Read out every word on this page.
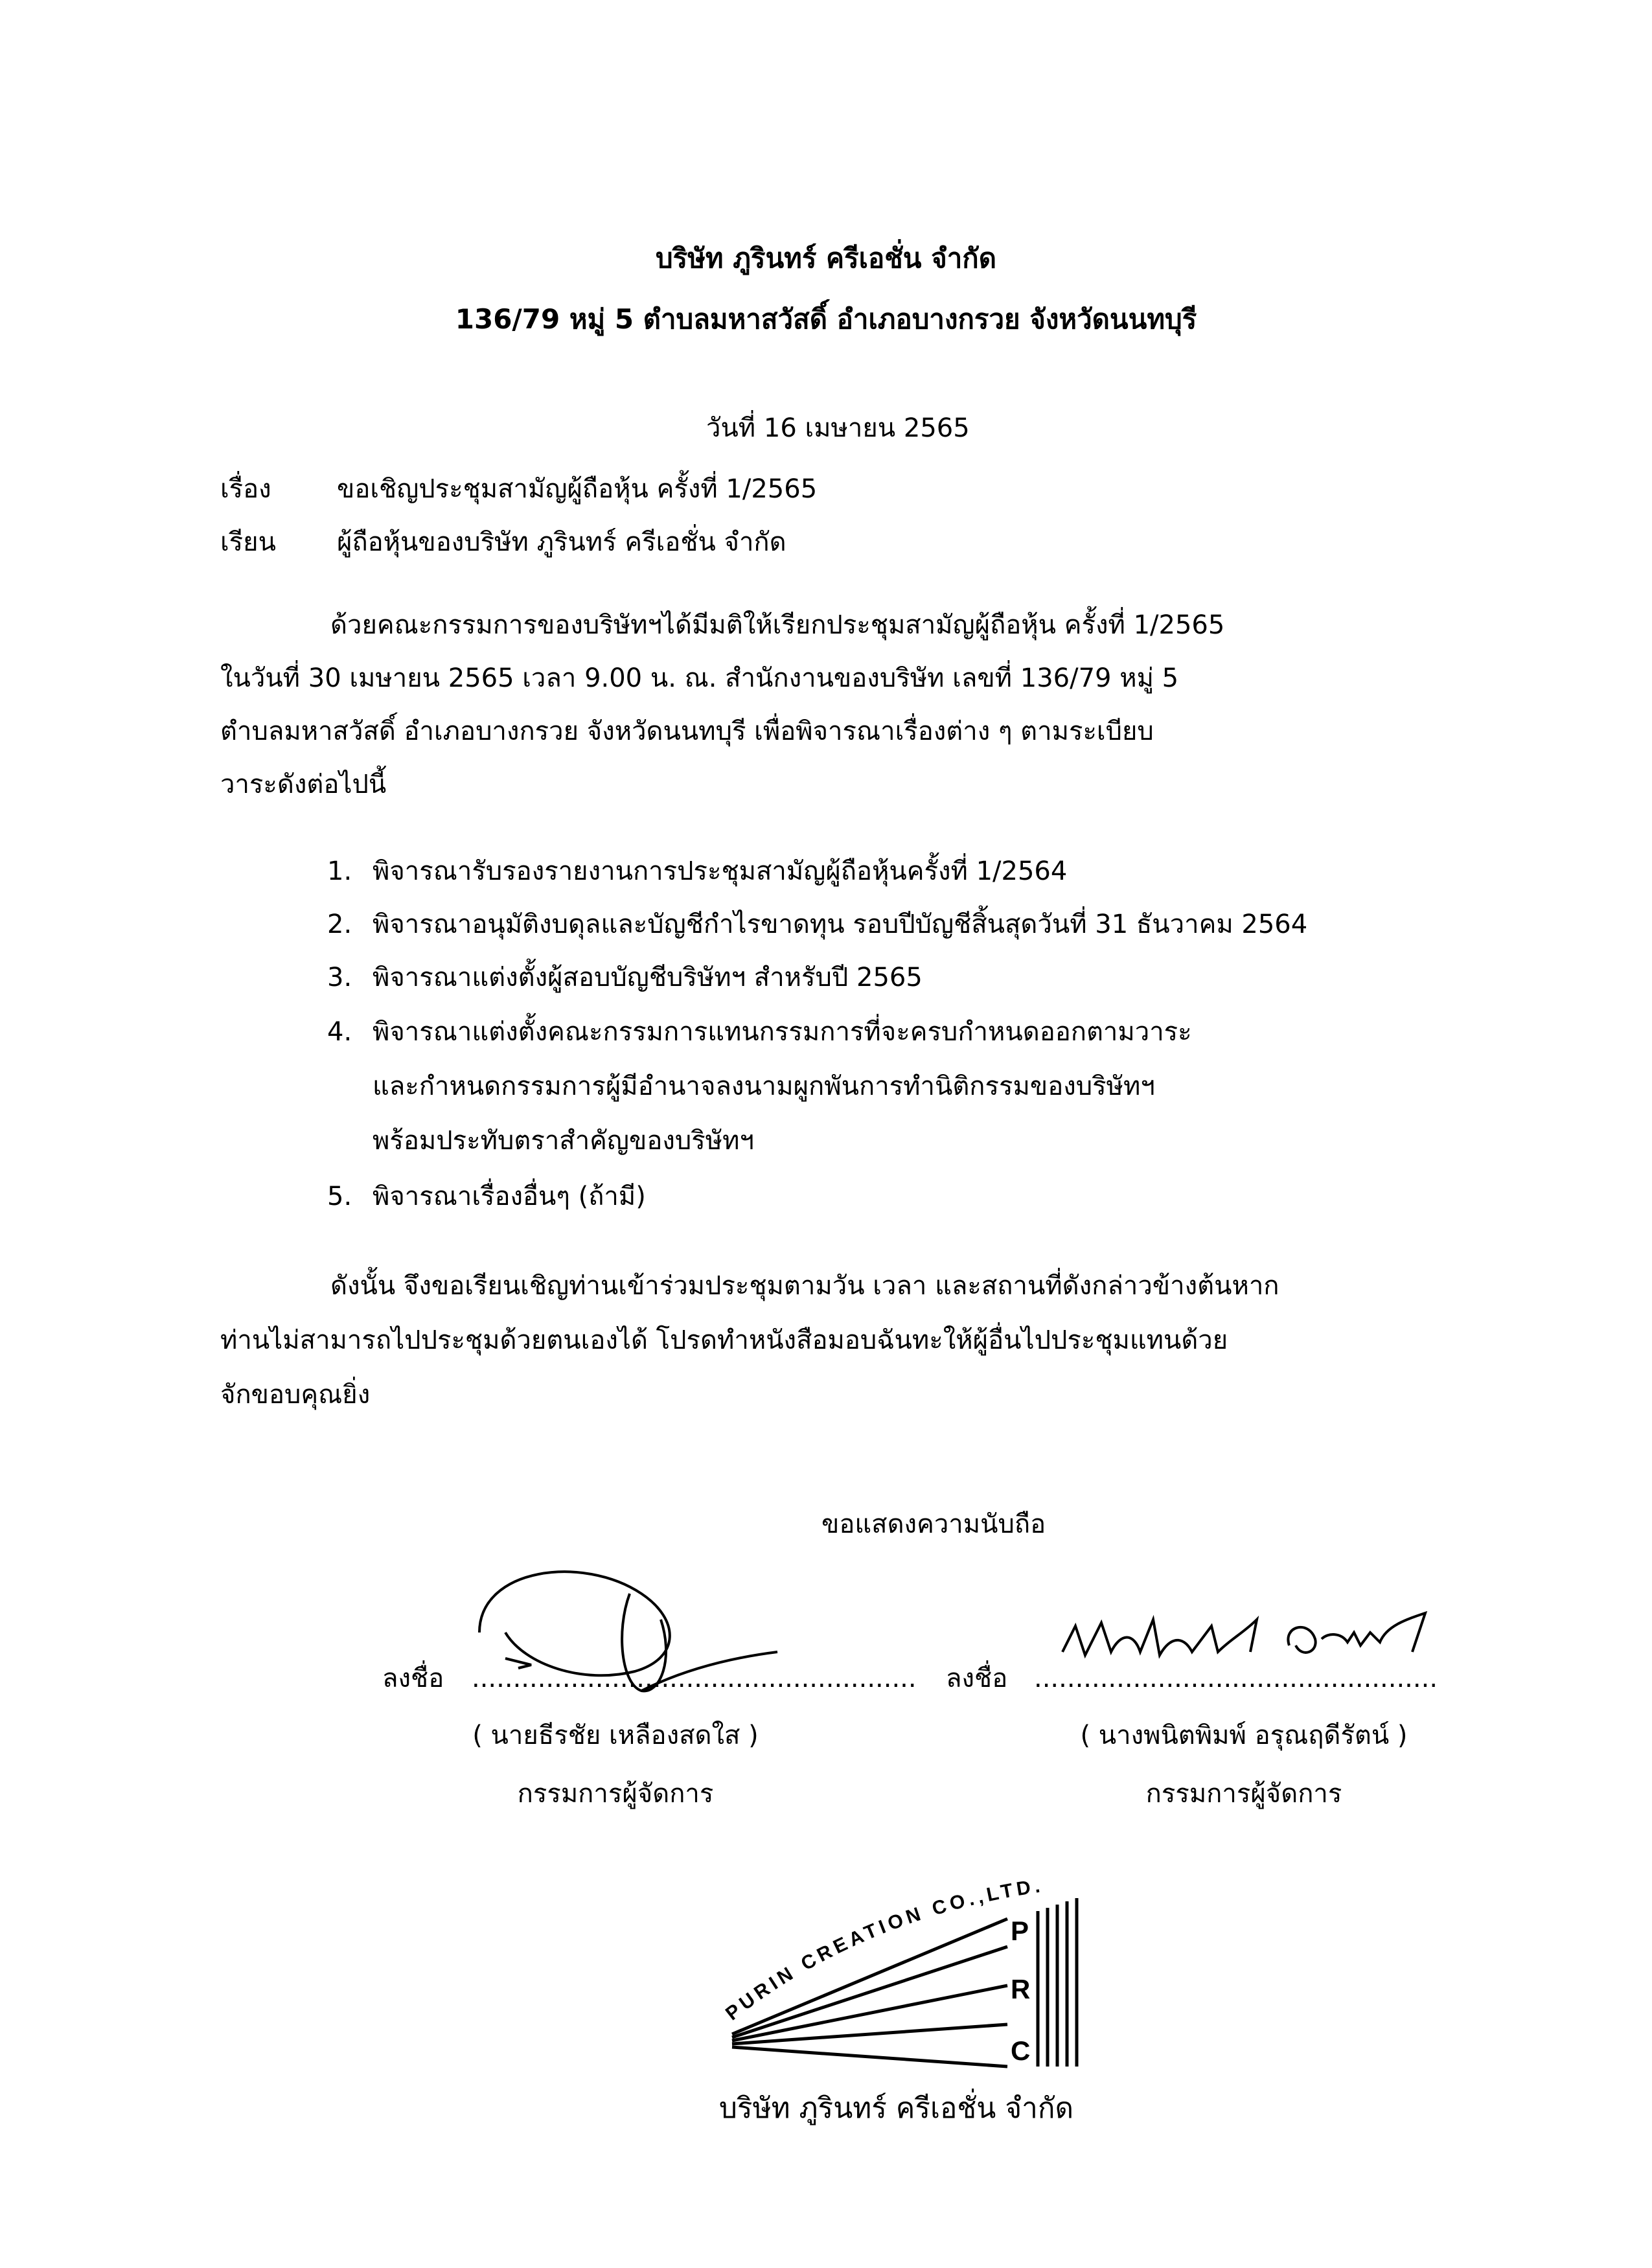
บริษัท ภูรินทร์ ครีเอชั่น จำกัด
136/79 หมู่ 5 ตำบลมหาสวัสดิ์ อำเภอบางกรวย จังหวัดนนทบุรี
วันที่ 16 เมษายน 2565
เรื่อง	ขอเชิญประชุมสามัญผู้ถือหุ้น ครั้งที่ 1/2565
เรียน ผู้ถือหุ้นของบริษัท ภูรินทร์ ครีเอชั่น จำกัด
ด้วยคณะกรรมการของบริษัทฯได้มีมติให้เรียกประชุมสามัญผู้ถือหุ้น ครั้งที่ 1/2565
ในวันที่ 30 เมษายน 2565 เวลา 9.00 น. ณ. สำนักงานของบริษัท เลขที่ 136/79 หมู่ 5
ตำบลมหาสวัสดิ์ อำเภอบางกรวย จังหวัดนนทบุรี เพื่อพิจารณาเรื่องต่าง ๆ ตามระเบียบ
วาระดังต่อไปนี้
1. พิจารณารับรองรายงานการประชุมสามัญผู้ถือหุ้นครั้งที่ 1/2564
2. พิจารณาอนุมัติงบดุลและบัญชีกำไรขาดทุน รอบปีบัญชีสิ้นสุดวันที่ 31 ธันวาคม 2564
3. พิจารณาแต่งตั้งผู้สอบบัญชีบริษัทฯ สำหรับปี 2565
4. พิจารณาแต่งตั้งคณะกรรมการแทนกรรมการที่จะครบกำหนดออกตามวาระ
และกำหนดกรรมการผู้มีอำนาจลงนามผูกพันการทำนิติกรรมของบริษัทฯ
พร้อมประทับตราสำคัญของบริษัทฯ
5. พิจารณาเรื่องอื่นๆ (ถ้ามี)
ดังนั้น จึงขอเรียนเชิญท่านเข้าร่วมประชุมตามวัน เวลา และสถานที่ดังกล่าวข้างต้นหาก
ท่านไม่สามารถไปประชุมด้วยตนเองได้ โปรดทำหนังสือมอบฉันทะให้ผู้อื่นไปประชุมแทนด้วย
จักขอบคุณยิ่ง
ขอแสดงความนับถือ
ลงชื่อ ......................................................
( นายธีรชัย เหลืองสดใส )
กรรมการผู้จัดการ
ลงชื่อ .................................................
( นางพนิตพิมพ์ อรุณฤดีรัตน์ )
กรรมการผู้จัดการ
PURIN CREATION CO.,LTD.
P
R
C
บริษัท ภูรินทร์ ครีเอชั่น จำกัด
